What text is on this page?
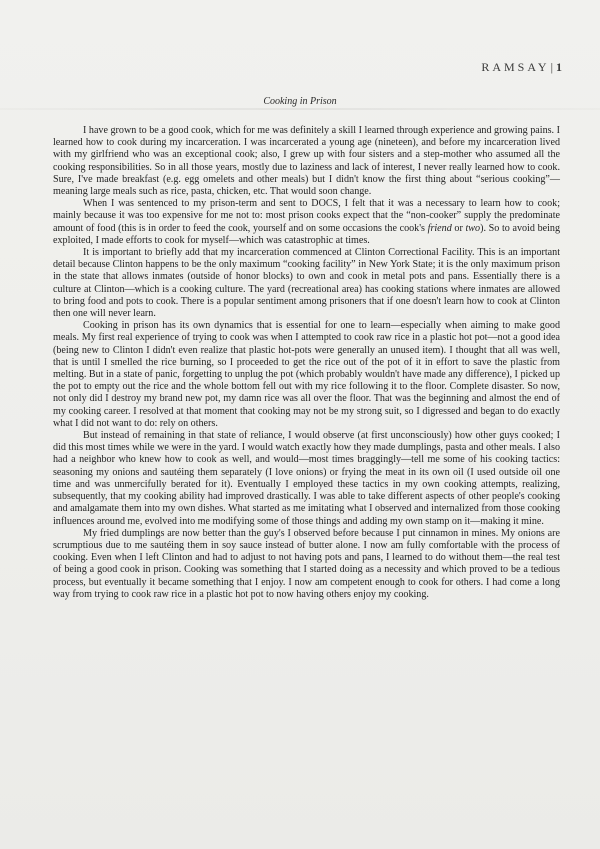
RAMSAY | 1
Cooking in Prison

I have grown to be a good cook, which for me was definitely a skill I learned through experience and growing pains. I learned how to cook during my incarceration. I was incarcerated a young age (nineteen), and before my incarceration lived with my girlfriend who was an exceptional cook; also, I grew up with four sisters and a step-mother who assumed all the cooking responsibilities. So in all those years, mostly due to laziness and lack of interest, I never really learned how to cook. Sure, I've made breakfast (e.g. egg omelets and other meals) but I didn't know the first thing about “serious cooking”—meaning large meals such as rice, pasta, chicken, etc. That would soon change.

When I was sentenced to my prison-term and sent to DOCS, I felt that it was a necessary to learn how to cook; mainly because it was too expensive for me not to: most prison cooks expect that the “non-cooker” supply the predominate amount of food (this is in order to feed the cook, yourself and on some occasions the cook's friend or two). So to avoid being exploited, I made efforts to cook for myself—which was catastrophic at times.

It is important to briefly add that my incarceration commenced at Clinton Correctional Facility. This is an important detail because Clinton happens to be the only maximum “cooking facility” in New York State; it is the only maximum prison in the state that allows inmates (outside of honor blocks) to own and cook in metal pots and pans. Essentially there is a culture at Clinton—which is a cooking culture. The yard (recreational area) has cooking stations where inmates are allowed to bring food and pots to cook. There is a popular sentiment among prisoners that if one doesn't learn how to cook at Clinton then one will never learn.

Cooking in prison has its own dynamics that is essential for one to learn—especially when aiming to make good meals. My first real experience of trying to cook was when I attempted to cook raw rice in a plastic hot pot—not a good idea (being new to Clinton I didn't even realize that plastic hot-pots were generally an unused item). I thought that all was well, that is until I smelled the rice burning, so I proceeded to get the rice out of the pot of it in effort to save the plastic from melting. But in a state of panic, forgetting to unplug the pot (which probably wouldn't have made any difference), I picked up the pot to empty out the rice and the whole bottom fell out with my rice following it to the floor. Complete disaster. So now, not only did I destroy my brand new pot, my damn rice was all over the floor. That was the beginning and almost the end of my cooking career. I resolved at that moment that cooking may not be my strong suit, so I digressed and began to do exactly what I did not want to do: rely on others.

But instead of remaining in that state of reliance, I would observe (at first unconsciously) how other guys cooked; I did this most times while we were in the yard. I would watch exactly how they made dumplings, pasta and other meals. I also had a neighbor who knew how to cook as well, and would—most times braggingly—tell me some of his cooking tactics: seasoning my onions and sautéing them separately (I love onions) or frying the meat in its own oil (I used outside oil one time and was unmercifully berated for it). Eventually I employed these tactics in my own cooking attempts, realizing, subsequently, that my cooking ability had improved drastically. I was able to take different aspects of other people's cooking and amalgamate them into my own dishes. What started as me imitating what I observed and internalized from those cooking influences around me, evolved into me modifying some of those things and adding my own stamp on it—making it mine.

My fried dumplings are now better than the guy's I observed before because I put cinnamon in mines. My onions are scrumptious due to me sautéing them in soy sauce instead of butter alone. I now am fully comfortable with the process of cooking. Even when I left Clinton and had to adjust to not having pots and pans, I learned to do without them—the real test of being a good cook in prison. Cooking was something that I started doing as a necessity and which proved to be a tedious process, but eventually it became something that I enjoy. I now am competent enough to cook for others. I had come a long way from trying to cook raw rice in a plastic hot pot to now having others enjoy my cooking.
